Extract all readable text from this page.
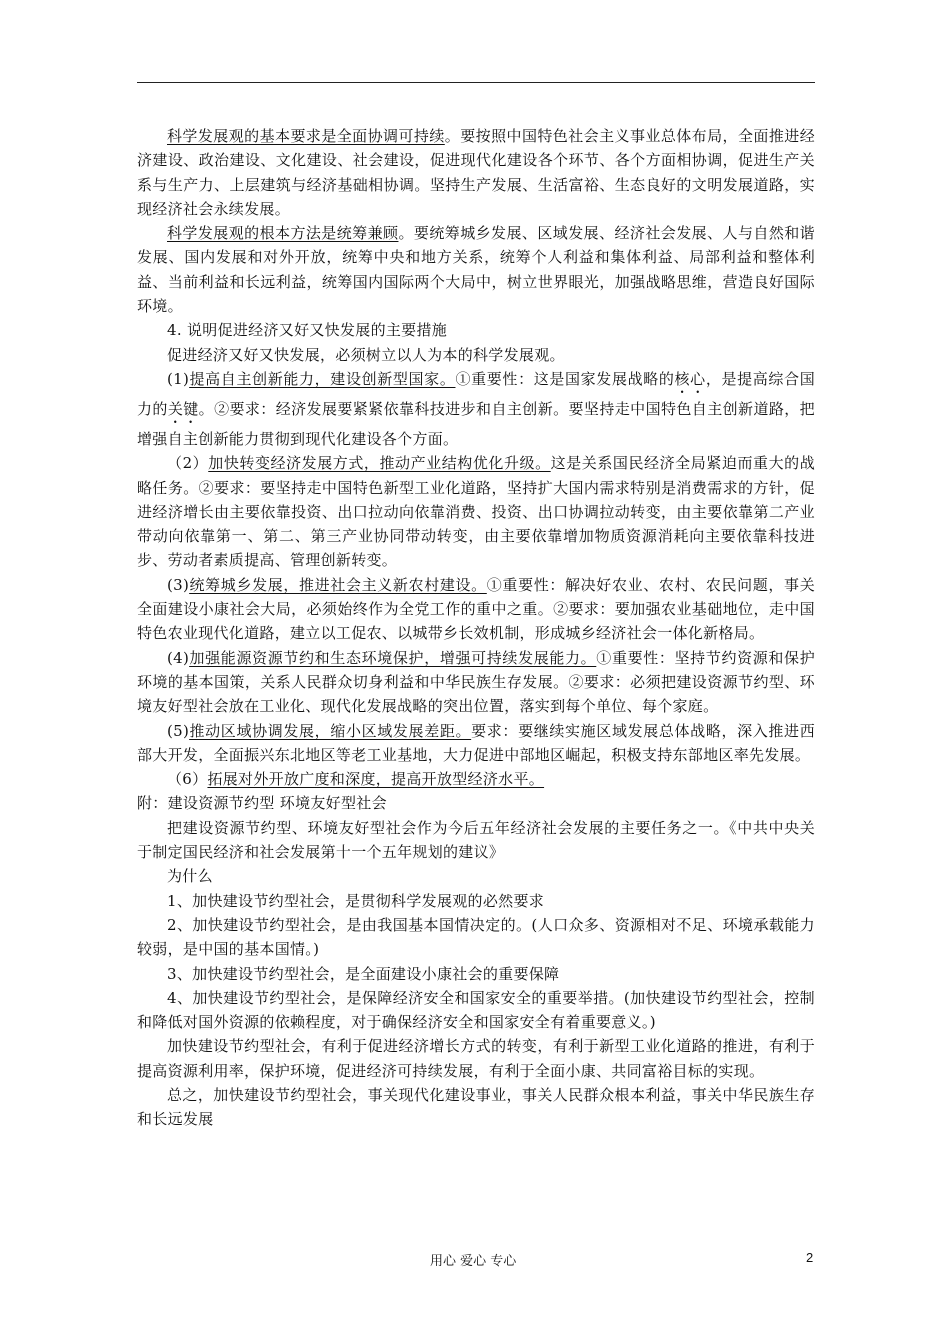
科学发展观的基本要求是全面协调可持续。要按照中国特色社会主义事业总体布局，全面推进经济建设、政治建设、文化建设、社会建设，促进现代化建设各个环节、各个方面相协调，促进生产关系与生产力、上层建筑与经济基础相协调。坚持生产发展、生活富裕、生态良好的文明发展道路，实现经济社会永续发展。

科学发展观的根本方法是统筹兼顾。要统筹城乡发展、区域发展、经济社会发展、人与自然和谐发展、国内发展和对外开放，统筹中央和地方关系，统筹个人利益和集体利益、局部利益和整体利益、当前利益和长远利益，统筹国内国际两个大局中，树立世界眼光，加强战略思维，营造良好国际环境。

4. 说明促进经济又好又快发展的主要措施

促进经济又好又快发展，必须树立以人为本的科学发展观。

(1)提高自主创新能力，建设创新型国家。①重要性：这是国家发展战略的核心，是提高综合国力的关键。②要求：经济发展要紧紧依靠科技进步和自主创新。要坚持走中国特色自主创新道路，把增强自主创新能力贯彻到现代化建设各个方面。

（2）加快转变经济发展方式，推动产业结构优化升级。这是关系国民经济全局紧迫而重大的战略任务。②要求：要坚持走中国特色新型工业化道路，坚持扩大国内需求特别是消费需求的方针，促进经济增长由主要依靠投资、出口拉动向依靠消费、投资、出口协调拉动转变，由主要依靠第二产业带动向依靠第一、第二、第三产业协同带动转变，由主要依靠增加物质资源消耗向主要依靠科技进步、劳动者素质提高、管理创新转变。

(3)统筹城乡发展，推进社会主义新农村建设。①重要性：解决好农业、农村、农民问题，事关全面建设小康社会大局，必须始终作为全党工作的重中之重。②要求：要加强农业基础地位，走中国特色农业现代化道路，建立以工促农、以城带乡长效机制，形成城乡经济社会一体化新格局。

(4)加强能源资源节约和生态环境保护，增强可持续发展能力。①重要性：坚持节约资源和保护环境的基本国策，关系人民群众切身利益和中华民族生存发展。②要求：必须把建设资源节约型、环境友好型社会放在工业化、现代化发展战略的突出位置，落实到每个单位、每个家庭。

(5)推动区域协调发展，缩小区域发展差距。要求：要继续实施区域发展总体战略，深入推进西部大开发，全面振兴东北地区等老工业基地，大力促进中部地区崛起，积极支持东部地区率先发展。

（6）拓展对外开放广度和深度，提高开放型经济水平。

附：建设资源节约型 环境友好型社会

把建设资源节约型、环境友好型社会作为今后五年经济社会发展的主要任务之一。《中共中央关于制定国民经济和社会发展第十一个五年规划的建议》

为什么

1、加快建设节约型社会，是贯彻科学发展观的必然要求

2、加快建设节约型社会，是由我国基本国情决定的。(人口众多、资源相对不足、环境承载能力较弱，是中国的基本国情。)

3、加快建设节约型社会，是全面建设小康社会的重要保障

4、加快建设节约型社会，是保障经济安全和国家安全的重要举措。(加快建设节约型社会，控制和降低对国外资源的依赖程度，对于确保经济安全和国家安全有着重要意义。)

加快建设节约型社会，有利于促进经济增长方式的转变，有利于新型工业化道路的推进，有利于提高资源利用率，保护环境，促进经济可持续发展，有利于全面小康、共同富裕目标的实现。

总之，加快建设节约型社会，事关现代化建设事业，事关人民群众根本利益，事关中华民族生存和长远发展

用心 爱心 专心	2
